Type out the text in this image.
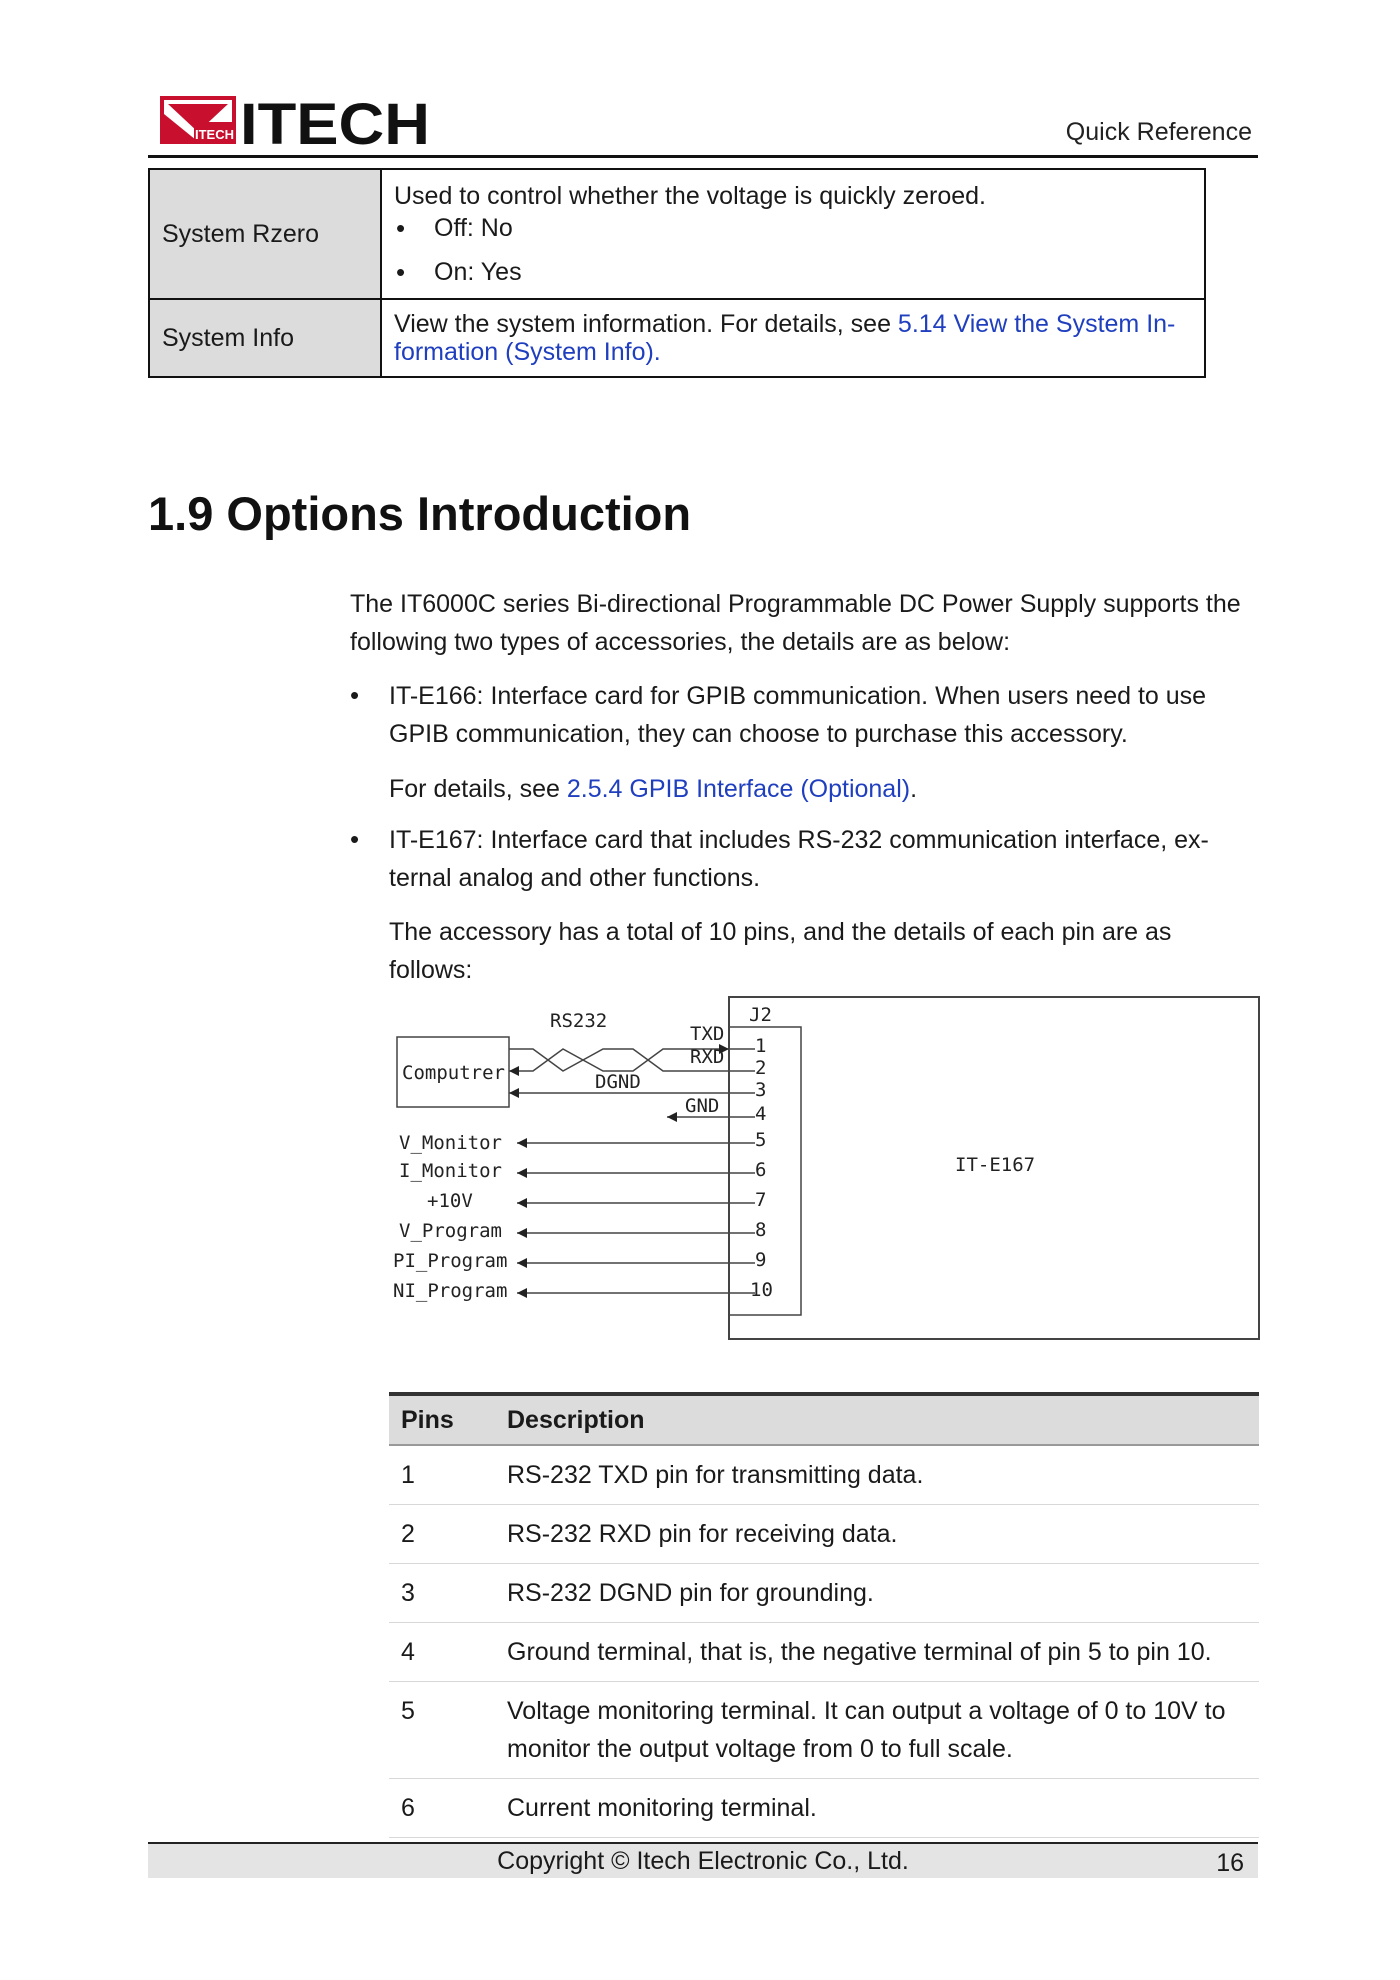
ITECH ITECH	Quick Reference
System Rzero	Used to control whether the voltage is quickly zeroed.
• Off: No
• On: Yes

System Info	View the system information. For details, see 5.14 View the System In-
formation (System Info).
1.9 Options Introduction
The IT6000C series Bi-directional Programmable DC Power Supply supports the following two types of accessories, the details are as below:
• IT-E166: Interface card for GPIB communication. When users need to use GPIB communication, they can choose to purchase this accessory.
For details, see 2.5.4 GPIB Interface (Optional).
• IT-E167: Interface card that includes RS-232 communication interface, ex-ternal analog and other functions.
The accessory has a total of 10 pins, and the details of each pin are as follows:
J2
IT-E167
Computrer
RS232
TXD
RXD
DGND
GND
V_Monitor
I_Monitor
+10V
V_Program
PI_Program
NI_Program
1
2
3
4
5
6
7
8
9
10
Pins	Description
1	RS-232 TXD pin for transmitting data.
2	RS-232 RXD pin for receiving data.
3	RS-232 DGND pin for grounding.
4	Ground terminal, that is, the negative terminal of pin 5 to pin 10.
5	Voltage monitoring terminal. It can output a voltage of 0 to 10V to monitor the output voltage from 0 to full scale.
6	Current monitoring terminal.
Copyright © Itech Electronic Co., Ltd.	16
